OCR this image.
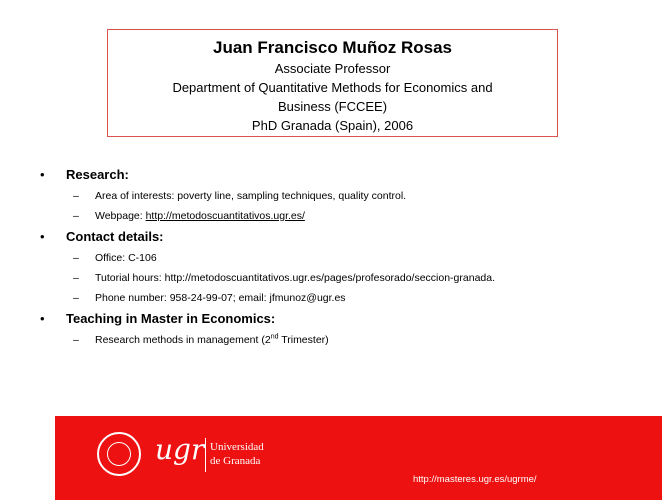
Juan Francisco Muñoz Rosas
Associate Professor
Department of Quantitative Methods for Economics and
Business (FCCEE)
PhD Granada (Spain), 2006
• Research:
– Area of interests: poverty line, sampling techniques, quality control.
– Webpage: http://metodoscuantitativos.ugr.es/
• Contact details:
– Office: C-106
– Tutorial hours: http://metodoscuantitativos.ugr.es/pages/profesorado/seccion-granada.
– Phone number: 958-24-99-07; email: jfmunoz@ugr.es
• Teaching in Master in Economics:
– Research methods in management (2nd Trimester)
ugr Universidad
de Granada
http://masteres.ugr.es/ugrme/
